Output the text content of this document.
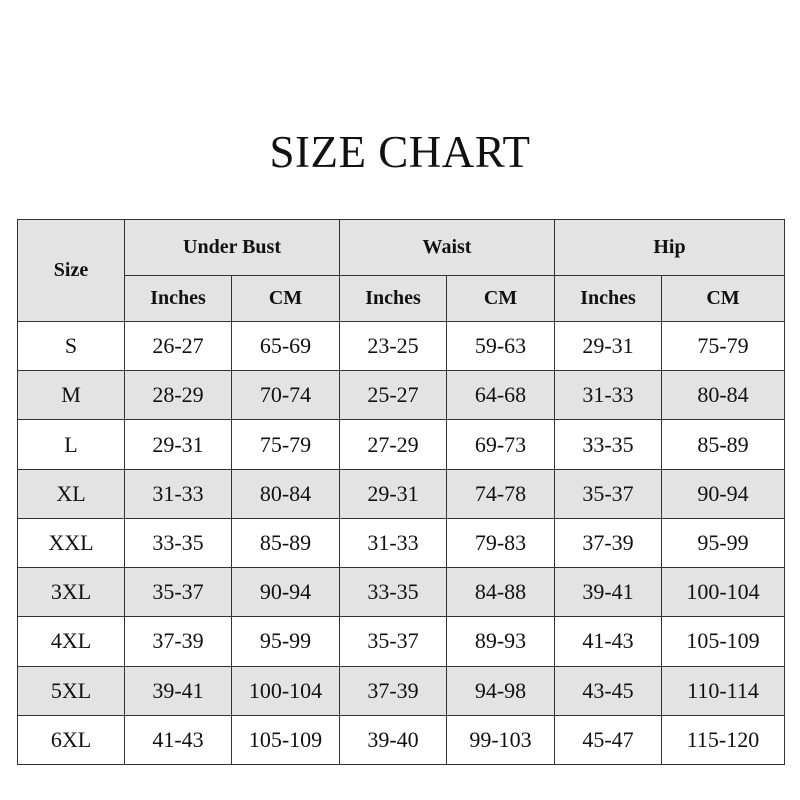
SIZE CHART
Size	Under Bust		Waist		Hip	
	Inches	CM	Inches	CM	Inches	CM
S	26-27	65-69	23-25	59-63	29-31	75-79
M	28-29	70-74	25-27	64-68	31-33	80-84
L	29-31	75-79	27-29	69-73	33-35	85-89
XL	31-33	80-84	29-31	74-78	35-37	90-94
XXL	33-35	85-89	31-33	79-83	37-39	95-99
3XL	35-37	90-94	33-35	84-88	39-41	100-104
4XL	37-39	95-99	35-37	89-93	41-43	105-109
5XL	39-41	100-104	37-39	94-98	43-45	110-114
6XL	41-43	105-109	39-40	99-103	45-47	115-120
